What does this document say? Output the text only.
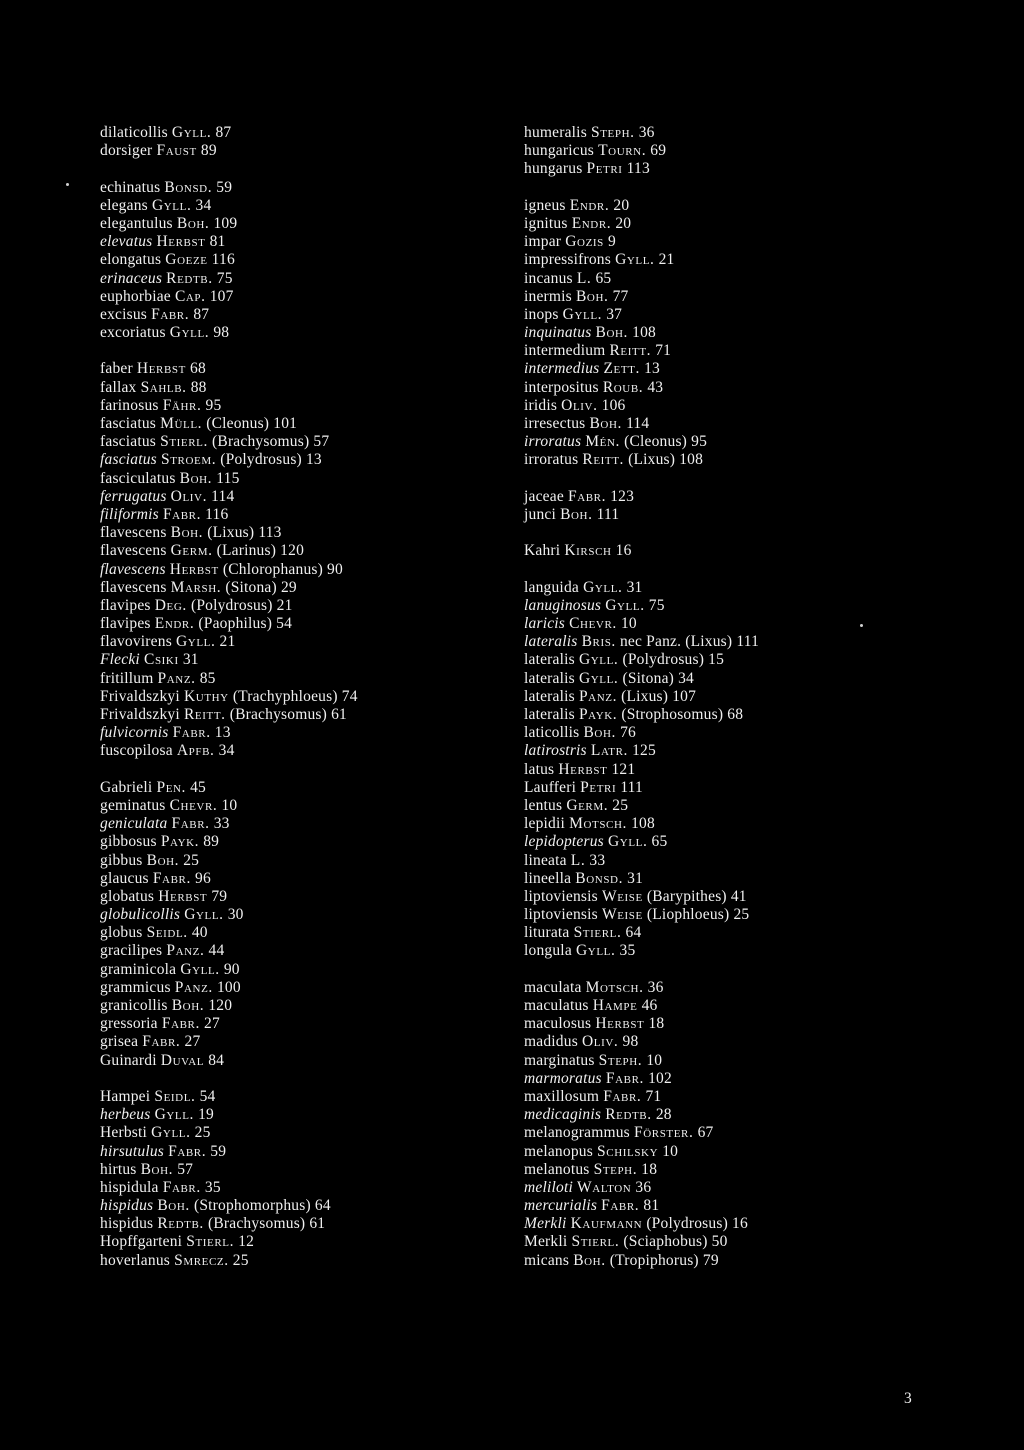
dilaticollis Gyll. 87
dorsiger Faust 89
echinatus Bonsd. 59
elegans Gyll. 34
elegantulus Boh. 109
elevatus Herbst 81
elongatus Goeze 116
erinaceus Redtb. 75
euphorbiae Cap. 107
excisus Fabr. 87
excoriatus Gyll. 98
faber Herbst 68
fallax Sahlb. 88
farinosus Fähr. 95
fasciatus Müll. (Cleonus) 101
fasciatus Stierl. (Brachysomus) 57
fasciatus Stroem. (Polydrosus) 13
fasciculatus Boh. 115
ferrugatus Oliv. 114
filiformis Fabr. 116
flavescens Boh. (Lixus) 113
flavescens Germ. (Larinus) 120
flavescens Herbst (Chlorophanus) 90
flavescens Marsh. (Sitona) 29
flavipes Deg. (Polydrosus) 21
flavipes Endr. (Paophilus) 54
flavovirens Gyll. 21
Flecki Csiki 31
fritillum Panz. 85
Frivaldszkyi Kuthy (Trachyphloeus) 74
Frivaldszkyi Reitt. (Brachysomus) 61
fulvicornis Fabr. 13
fuscopilosa Apfb. 34
Gabrieli Pen. 45
geminatus Chevr. 10
geniculata Fabr. 33
gibbosus Payk. 89
gibbus Boh. 25
glaucus Fabr. 96
globatus Herbst 79
globulicollis Gyll. 30
globus Seidl. 40
gracilipes Panz. 44
graminicola Gyll. 90
grammicus Panz. 100
granicollis Boh. 120
gressoria Fabr. 27
grisea Fabr. 27
Guinardi Duval 84
Hampei Seidl. 54
herbeus Gyll. 19
Herbsti Gyll. 25
hirsutulus Fabr. 59
hirtus Boh. 57
hispidula Fabr. 35
hispidus Boh. (Strophomorphus) 64
hispidus Redtb. (Brachysomus) 61
Hopffgarteni Stierl. 12
hoverlanus Smrecz. 25
humeralis Steph. 36
hungaricus Tourn. 69
hungarus Petri 113
igneus Endr. 20
ignitus Endr. 20
impar Gozis 9
impressifrons Gyll. 21
incanus L. 65
inermis Boh. 77
inops Gyll. 37
inquinatus Boh. 108
intermedium Reitt. 71
intermedius Zett. 13
interpositus Roub. 43
iridis Oliv. 106
irresectus Boh. 114
irroratus Mén. (Cleonus) 95
irroratus Reitt. (Lixus) 108
jaceae Fabr. 123
junci Boh. 111
Kahri Kirsch 16
languida Gyll. 31
lanuginosus Gyll. 75
laricis Chevr. 10
lateralis Bris. nec Panz. (Lixus) 111
lateralis Gyll. (Polydrosus) 15
lateralis Gyll. (Sitona) 34
lateralis Panz. (Lixus) 107
lateralis Payk. (Strophosomus) 68
laticollis Boh. 76
latirostris Latr. 125
latus Herbst 121
Laufferi Petri 111
lentus Germ. 25
lepidii Motsch. 108
lepidopterus Gyll. 65
lineata L. 33
lineella Bonsd. 31
liptoviensis Weise (Barypithes) 41
liptoviensis Weise (Liophloeus) 25
liturata Stierl. 64
longula Gyll. 35
maculata Motsch. 36
maculatus Hampe 46
maculosus Herbst 18
madidus Oliv. 98
marginatus Steph. 10
marmoratus Fabr. 102
maxillosum Fabr. 71
medicaginis Redtb. 28
melanogrammus Förster. 67
melanopus Schilsky 10
melanotus Steph. 18
meliloti Walton 36
mercurialis Fabr. 81
Merkli Kaufmann (Polydrosus) 16
Merkli Stierl. (Sciaphobus) 50
micans Boh. (Tropiphorus) 79
3
